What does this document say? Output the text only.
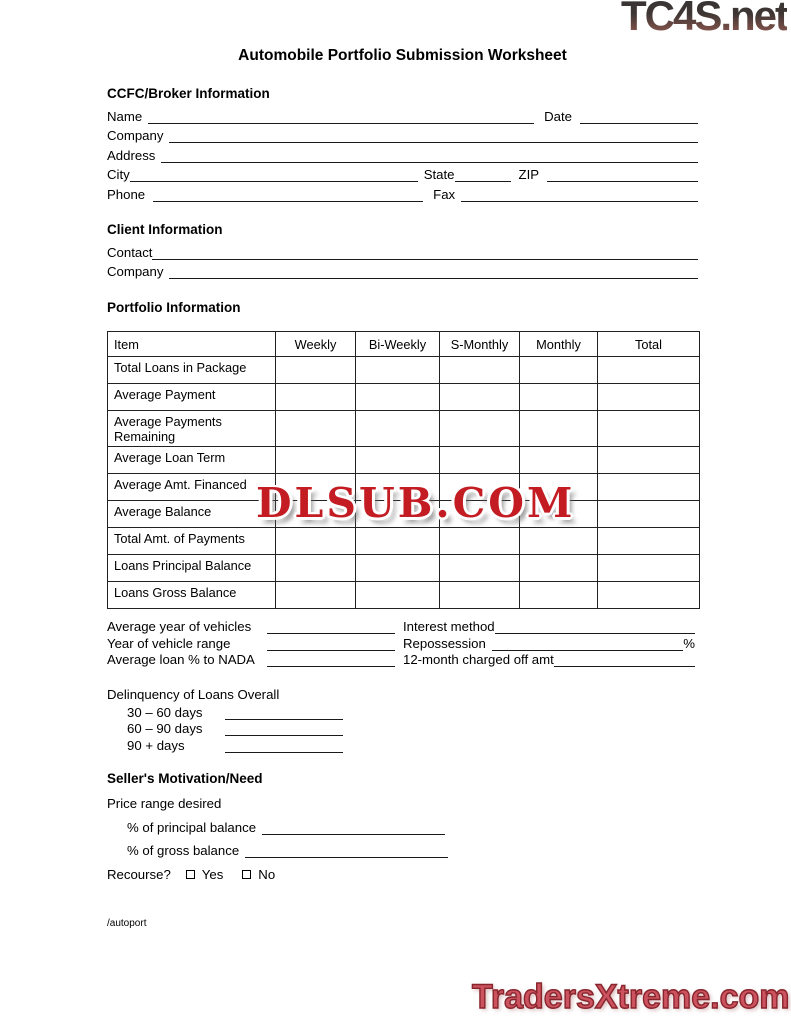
TC4S.net
Automobile Portfolio Submission Worksheet
CCFC/Broker Information
Name	Date
Company
Address
City	State	ZIP
Phone	Fax
Client Information
Contact
Company
Portfolio Information
Item	Weekly	Bi-Weekly	S-Monthly	Monthly	Total
Total Loans in Package					
Average Payment					
Average Payments Remaining					
Average Loan Term					
Average Amt. Financed					
Average Balance					
Total Amt. of Payments					
Loans Principal Balance					
Loans Gross Balance					
DLSUB.COM
Average year of vehicles	Interest method
Year of vehicle range	Repossession	%
Average loan % to NADA	12-month charged off amt
Delinquency of Loans Overall
30 – 60 days
60 – 90 days
90 + days
Seller's Motivation/Need
Price range desired
% of principal balance
% of gross balance
Recourse? Yes	No
/autoport
TradersXtreme.com
